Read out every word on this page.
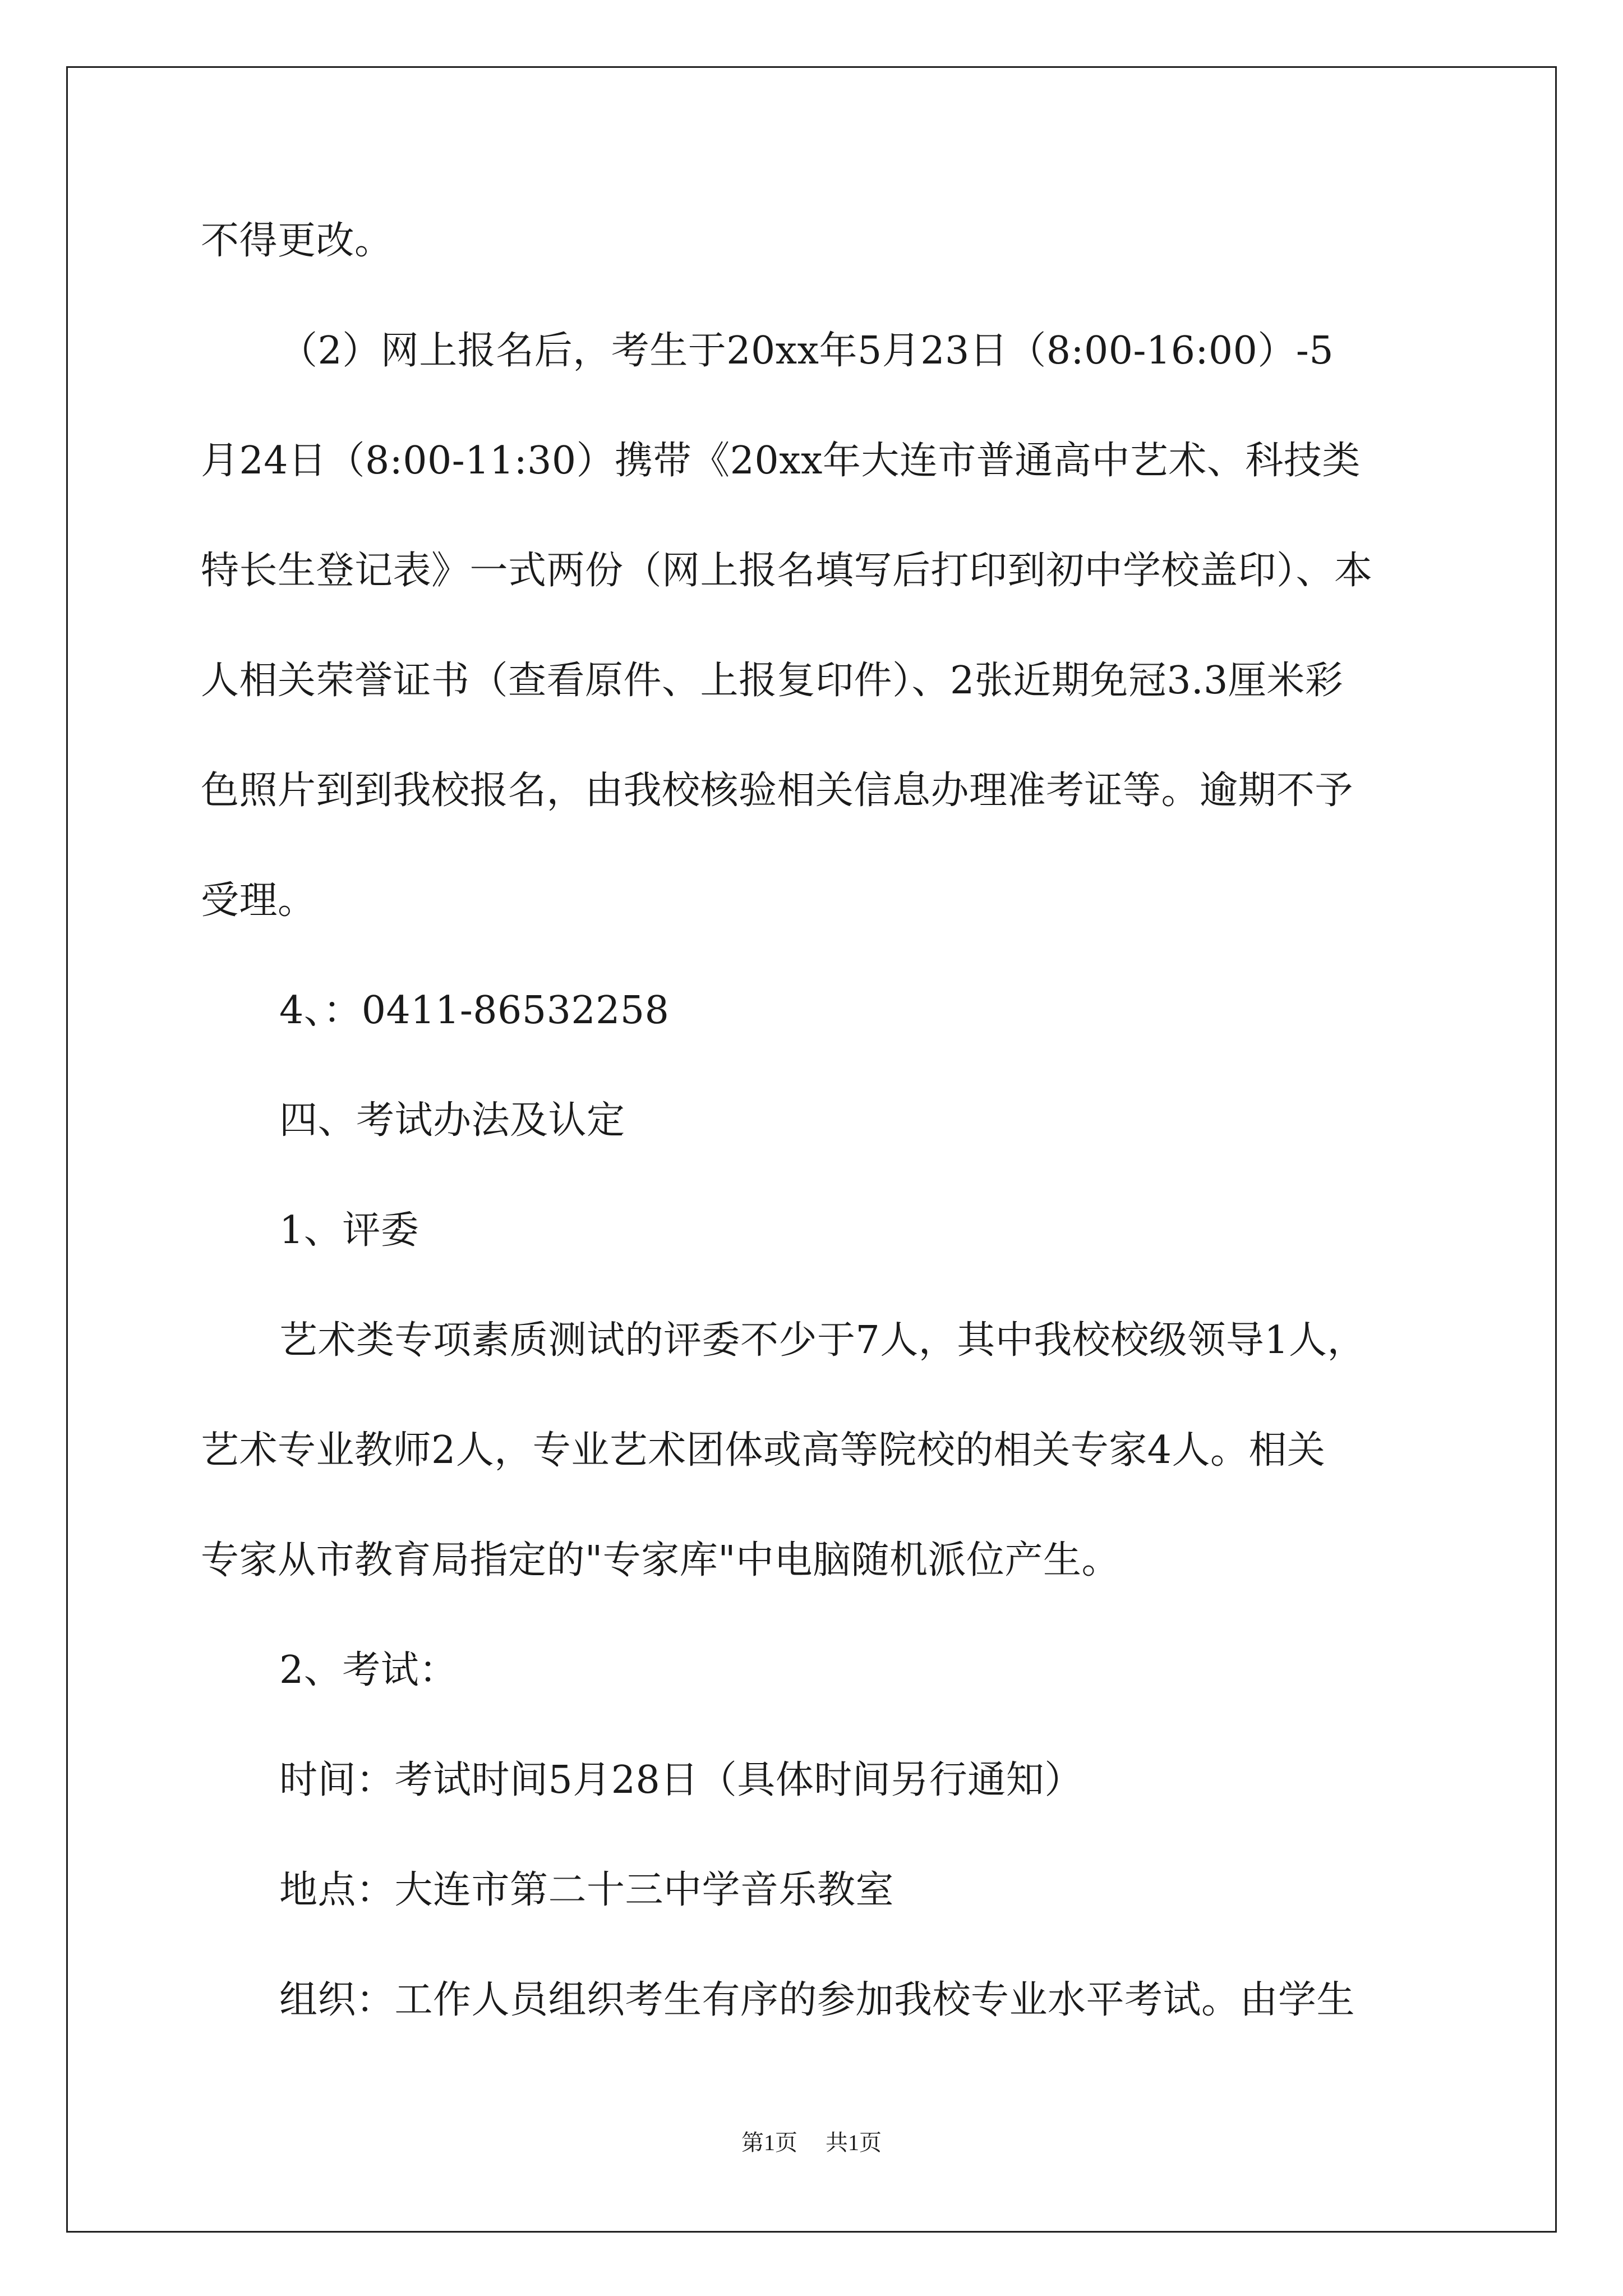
不得更改。
（2）网上报名后，考生于20xx年5月23日（8:00-16:00）-5
月24日（8:00-11:30）携带《20xx年大连市普通高中艺术、科技类
特长生登记表》一式两份（网上报名填写后打印到初中学校盖印）、本
人相关荣誉证书（查看原件、上报复印件）、2张近期免冠3.3厘米彩
色照片到到我校报名，由我校核验相关信息办理准考证等。逾期不予
受理。
4、：0411-86532258
四、考试办法及认定
1、评委
艺术类专项素质测试的评委不少于7人，其中我校校级领导1人，
艺术专业教师2人，专业艺术团体或高等院校的相关专家4人。相关
专家从市教育局指定的"专家库"中电脑随机派位产生。
2、考试：
时间：考试时间5月28日（具体时间另行通知）
地点：大连市第二十三中学音乐教室
组织：工作人员组织考生有序的参加我校专业水平考试。由学生
第1页 共1页
